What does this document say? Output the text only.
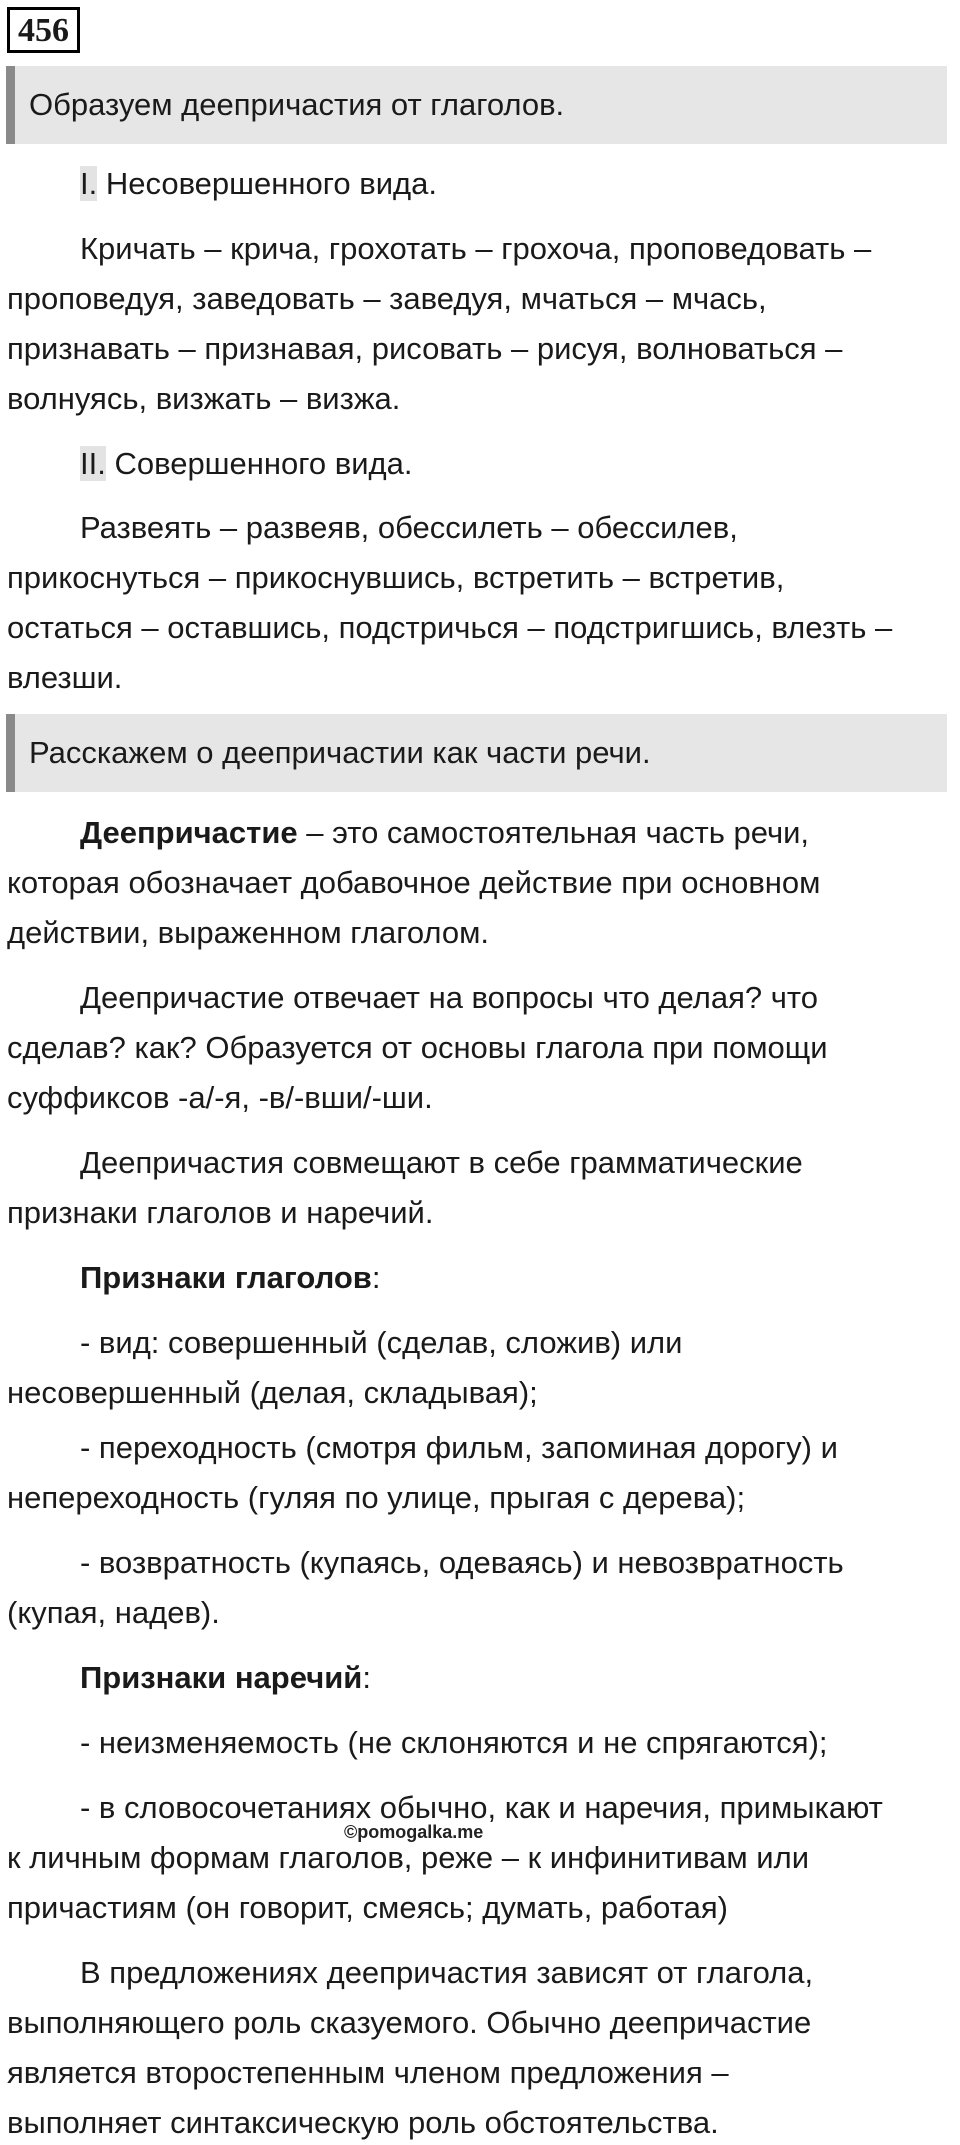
456
Образуем деепричастия от глаголов.
I. Несовершенного вида.
Кричать – крича, грохотать – грохоча, проповедовать –
проповедуя, заведовать – заведуя, мчаться – мчась,
признавать – признавая, рисовать – рисуя, волноваться –
волнуясь, визжать – визжа.
II. Совершенного вида.
Развеять – развеяв, обессилеть – обессилев,
прикоснуться – прикоснувшись, встретить – встретив,
остаться – оставшись, подстричься – подстригшись, влезть –
влезши.
Расскажем о деепричастии как части речи.
Деепричастие – это самостоятельная часть речи,
которая обозначает добавочное действие при основном
действии, выраженном глаголом.
Деепричастие отвечает на вопросы что делая? что
сделав? как? Образуется от основы глагола при помощи
суффиксов -а/-я, -в/-вши/-ши.
Деепричастия совмещают в себе грамматические
признаки глаголов и наречий.
Признаки глаголов:
- вид: совершенный (сделав, сложив) или
несовершенный (делая, складывая);
- переходность (смотря фильм, запоминая дорогу) и
непереходность (гуляя по улице, прыгая с дерева);
- возвратность (купаясь, одеваясь) и невозвратность
(купая, надев).
Признаки наречий:
- неизменяемость (не склоняются и не спрягаются);
- в словосочетаниях обычно, как и наречия, примыкают
к личным формам глаголов, реже – к инфинитивам или
причастиям (он говорит, смеясь; думать, работая)
В предложениях деепричастия зависят от глагола,
выполняющего роль сказуемого. Обычно деепричастие
является второстепенным членом предложения –
выполняет синтаксическую роль обстоятельства.
©pomogalka.me
